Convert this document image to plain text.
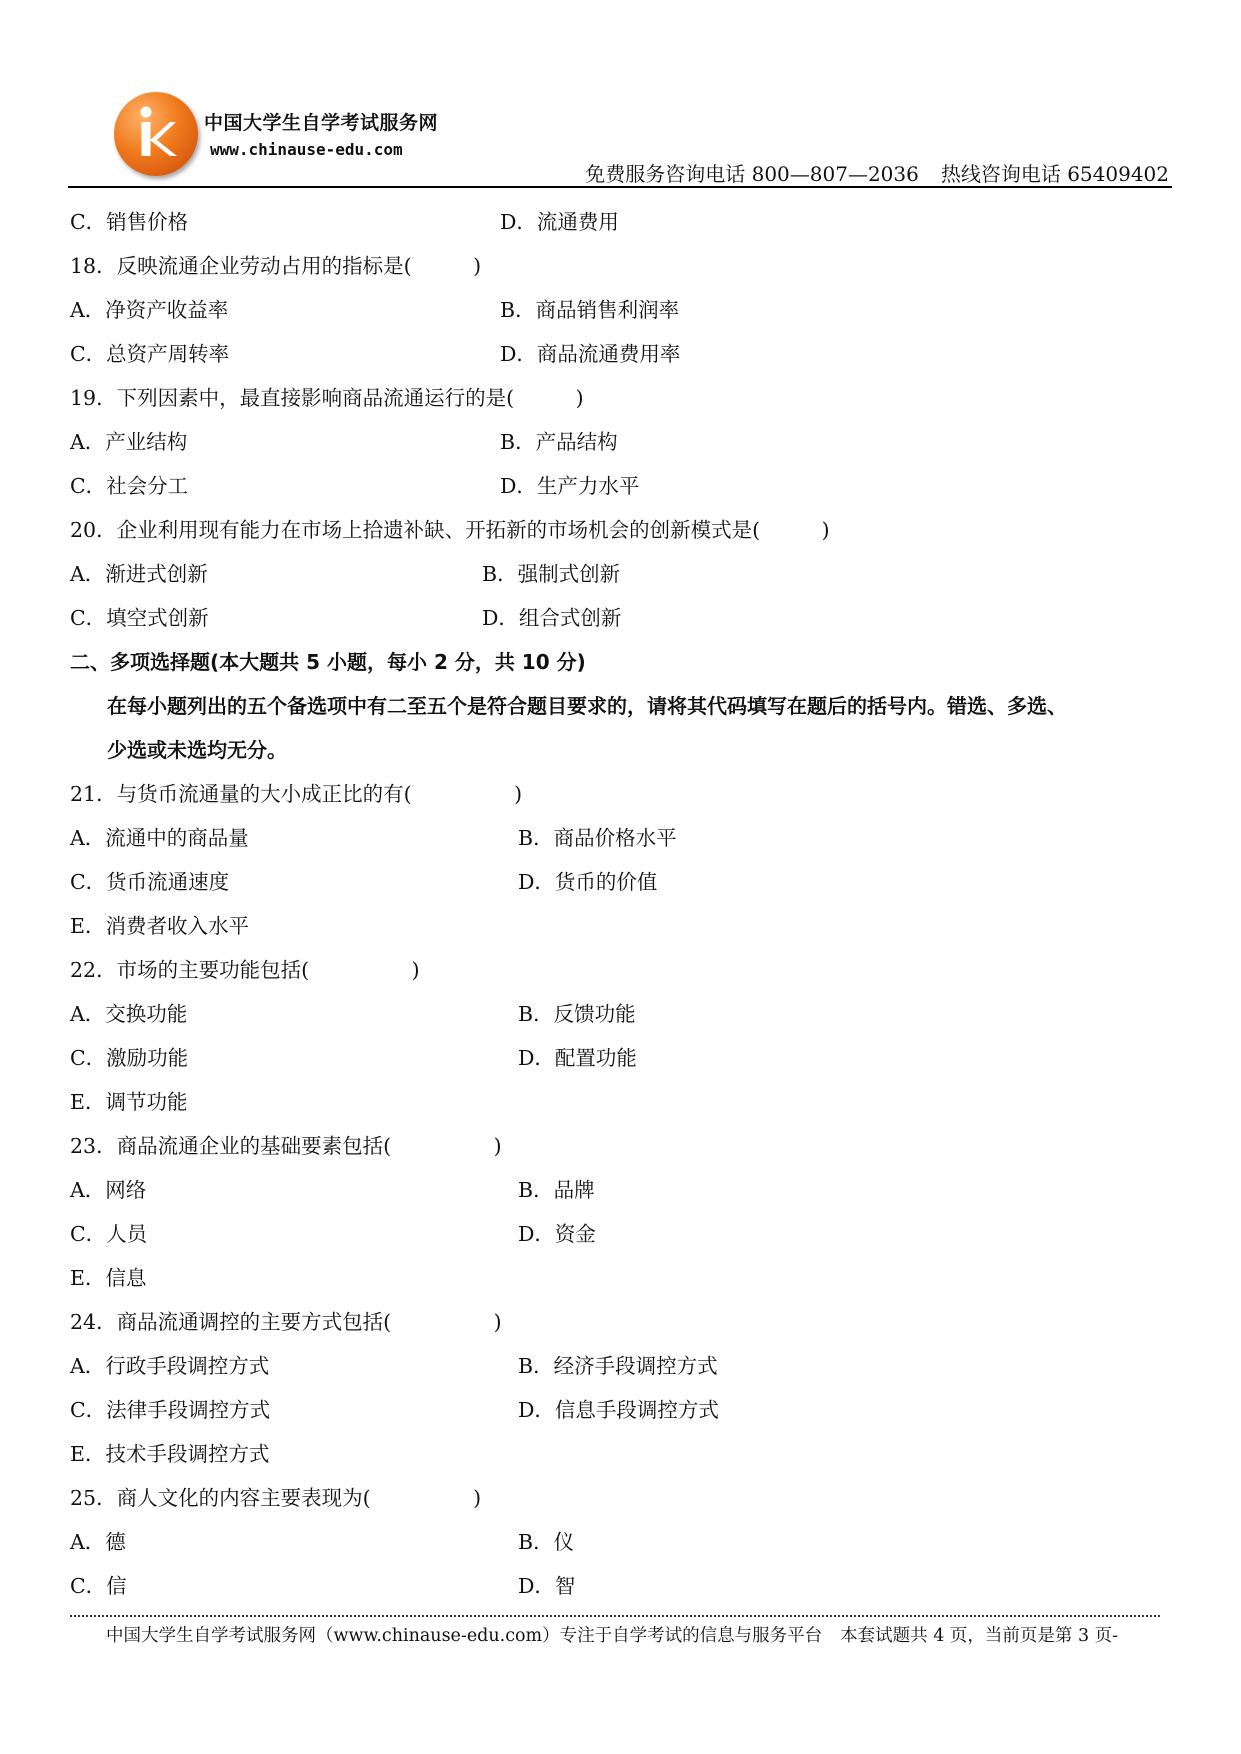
中国大学生自学考试服务网
www.chinause-edu.com
免费服务咨询电话 800—807—2036 热线咨询电话 65409402
C．销售价格	D．流通费用
18．反映流通企业劳动占用的指标是(　　　)
A．净资产收益率	B．商品销售利润率
C．总资产周转率	D．商品流通费用率
19．下列因素中，最直接影响商品流通运行的是(　　　)
A．产业结构	B．产品结构
C．社会分工	D．生产力水平
20．企业利用现有能力在市场上拾遗补缺、开拓新的市场机会的创新模式是(　　　)
A．渐进式创新	B．强制式创新
C．填空式创新	D．组合式创新
二、多项选择题(本大题共 5 小题，每小 2 分，共 10 分)
在每小题列出的五个备选项中有二至五个是符合题目要求的，请将其代码填写在题后的括号内。错选、多选、
少选或未选均无分。
21．与货币流通量的大小成正比的有(　　　　　)
A．流通中的商品量	B．商品价格水平
C．货币流通速度	D．货币的价值
E．消费者收入水平
22．市场的主要功能包括(　　　　　)
A．交换功能	B．反馈功能
C．激励功能	D．配置功能
E．调节功能
23．商品流通企业的基础要素包括(　　　　　)
A．网络	B．品牌
C．人员	D．资金
E．信息
24．商品流通调控的主要方式包括(　　　　　)
A．行政手段调控方式	B．经济手段调控方式
C．法律手段调控方式	D．信息手段调控方式
E．技术手段调控方式
25．商人文化的内容主要表现为(　　　　　)
A．德	B．仪
C．信	D．智
中国大学生自学考试服务网（www.chinause-edu.com）专注于自学考试的信息与服务平台 本套试题共 4 页，当前页是第 3 页-
